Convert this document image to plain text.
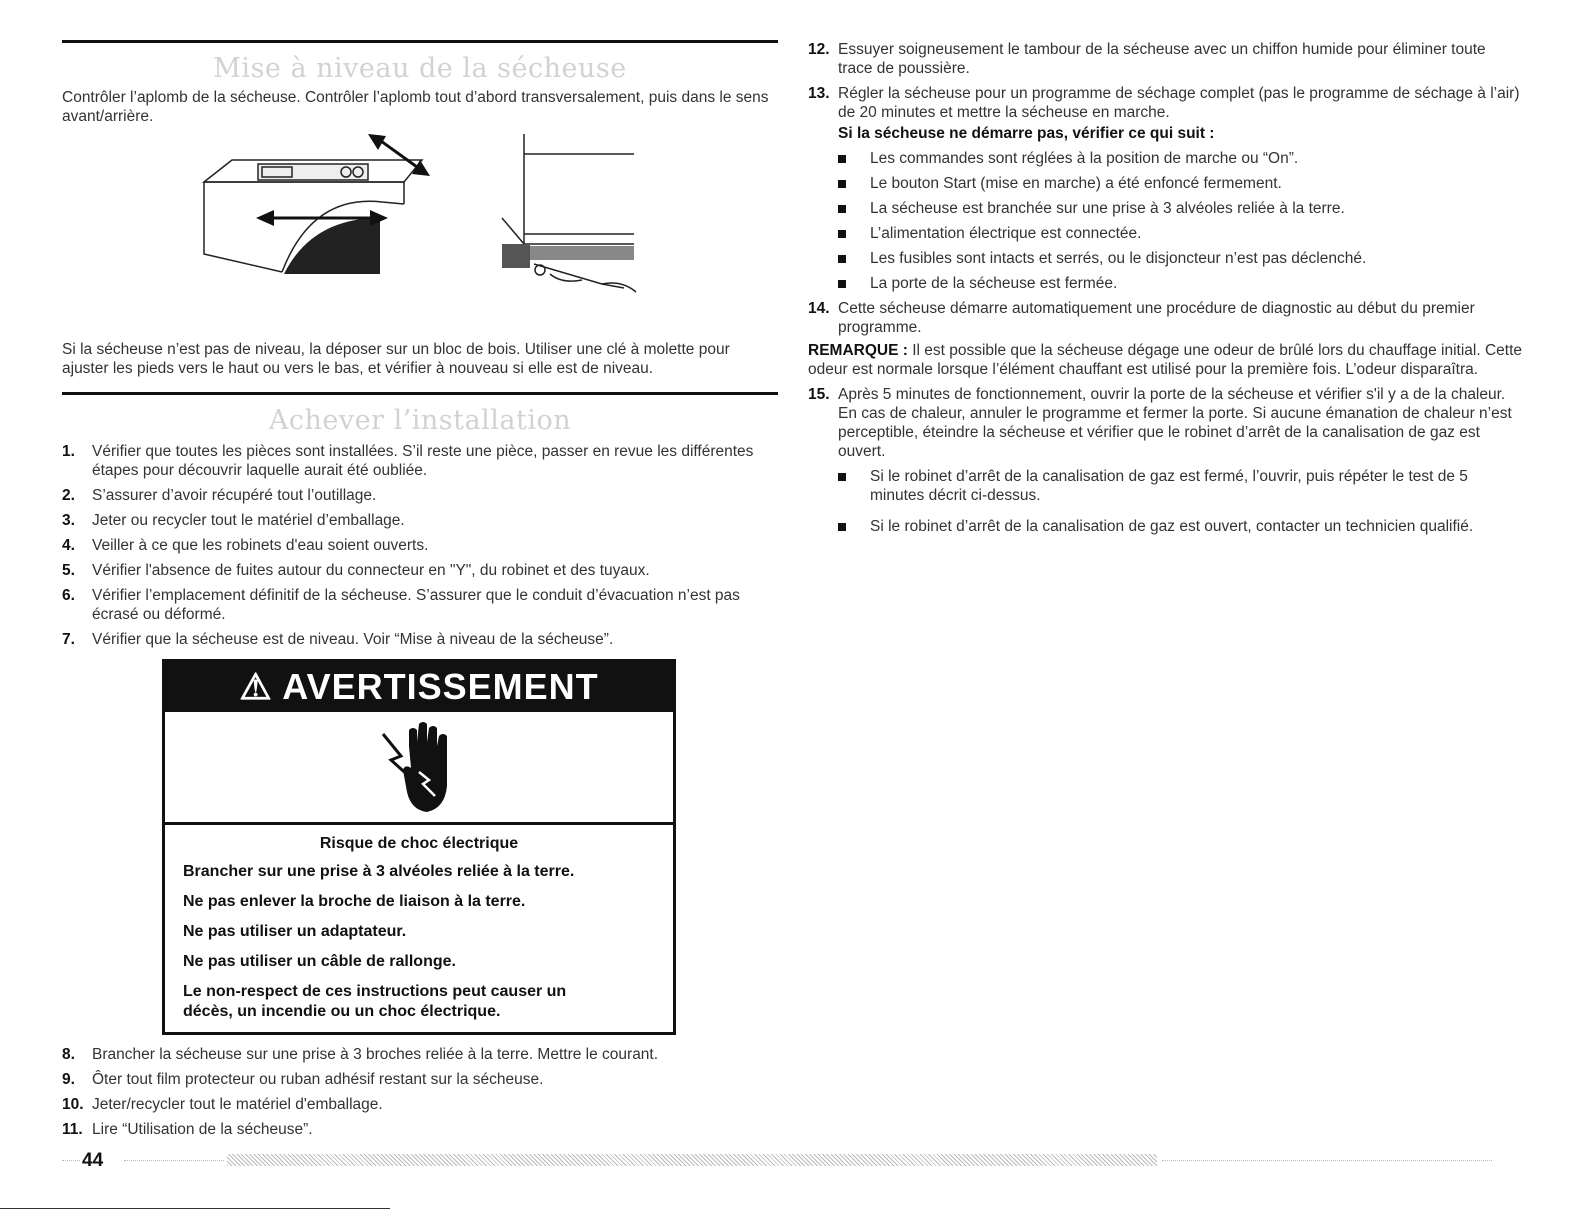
Mise à niveau de la sécheuse

Contrôler l’aplomb de la sécheuse. Contrôler l’aplomb tout d’abord transversalement, puis dans le sens avant/arrière.

Si la sécheuse n’est pas de niveau, la déposer sur un bloc de bois. Utiliser une clé à molette pour ajuster les pieds vers le haut ou vers le bas, et vérifier à nouveau si elle est de niveau.

Achever l’installation
1.	Vérifier que toutes les pièces sont installées. S’il reste une pièce, passer en revue les différentes étapes pour découvrir laquelle aurait été oubliée.
2.	S’assurer d’avoir récupéré tout l’outillage.
3.	Jeter ou recycler tout le matériel d’emballage.
4.	Veiller à ce que les robinets d'eau soient ouverts.
5.	Vérifier l'absence de fuites autour du connecteur en "Y", du robinet et des tuyaux.
6.	Vérifier l’emplacement définitif de la sécheuse. S’assurer que le conduit d’évacuation n’est pas écrasé ou déformé.
7.	Vérifier que la sécheuse est de niveau. Voir “Mise à niveau de la sécheuse”.
⚠ AVERTISSEMENT
Risque de choc électrique
Brancher sur une prise à 3 alvéoles reliée à la terre.
Ne pas enlever la broche de liaison à la terre.
Ne pas utiliser un adaptateur.
Ne pas utiliser un câble de rallonge.
Le non-respect de ces instructions peut causer un décès, un incendie ou un choc électrique.
8.	Brancher la sécheuse sur une prise à 3 broches reliée à la terre. Mettre le courant.
9.	Ôter tout film protecteur ou ruban adhésif restant sur la sécheuse.
10. Jeter/recycler tout le matériel d'emballage.
11. Lire “Utilisation de la sécheuse”.
12. Essuyer soigneusement le tambour de la sécheuse avec un chiffon humide pour éliminer toute trace de poussière.
13. Régler la sécheuse pour un programme de séchage complet (pas le programme de séchage à l’air) de 20 minutes et mettre la sécheuse en marche.

Si la sécheuse ne démarre pas, vérifier ce qui suit :

Les commandes sont réglées à la position de marche ou “On”.
Le bouton Start (mise en marche) a été enfoncé fermement.
La sécheuse est branchée sur une prise à 3 alvéoles reliée à la terre.
L’alimentation électrique est connectée.
Les fusibles sont intacts et serrés, ou le disjoncteur n’est pas déclenché.
La porte de la sécheuse est fermée.
14. Cette sécheuse démarre automatiquement une procédure de diagnostic au début du premier programme.

REMARQUE : Il est possible que la sécheuse dégage une odeur de brûlé lors du chauffage initial. Cette odeur est normale lorsque l’élément chauffant est utilisé pour la première fois. L’odeur disparaîtra.

15. Après 5 minutes de fonctionnement, ouvrir la porte de la sécheuse et vérifier s'il y a de la chaleur. En cas de chaleur, annuler le programme et fermer la porte. Si aucune émanation de chaleur n’est perceptible, éteindre la sécheuse et vérifier que le robinet d’arrêt de la canalisation de gaz est ouvert.
Si le robinet d’arrêt de la canalisation de gaz est fermé, l’ouvrir, puis répéter le test de 5 minutes décrit ci-dessus.
Si le robinet d’arrêt de la canalisation de gaz est ouvert, contacter un technicien qualifié.
44
